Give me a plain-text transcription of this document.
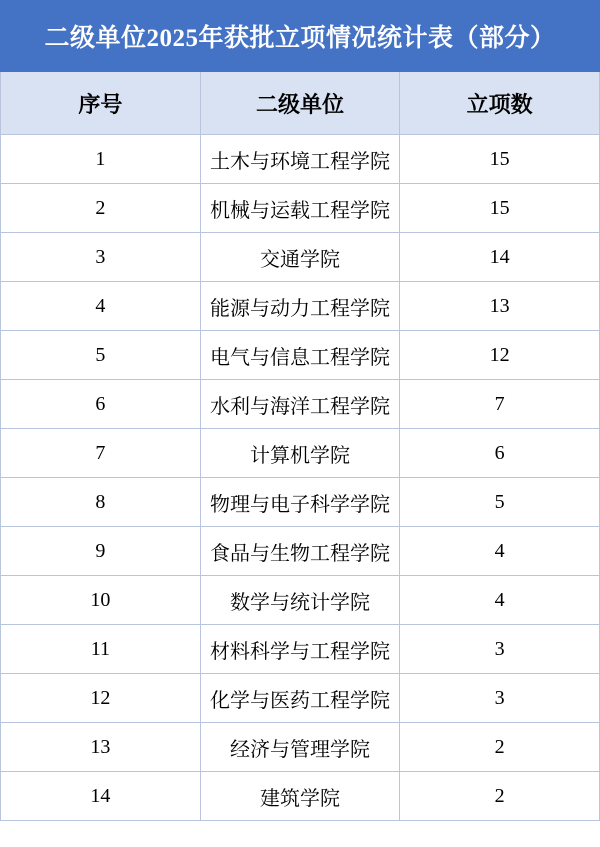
二级单位2025年获批立项情况统计表（部分）		
序号	二级单位	立项数
1	土木与环境工程学院	15
2	机械与运载工程学院	15
3	交通学院	14
4	能源与动力工程学院	13
5	电气与信息工程学院	12
6	水利与海洋工程学院	7
7	计算机学院	6
8	物理与电子科学学院	5
9	食品与生物工程学院	4
10	数学与统计学院	4
11	材料科学与工程学院	3
12	化学与医药工程学院	3
13	经济与管理学院	2
14	建筑学院	2
